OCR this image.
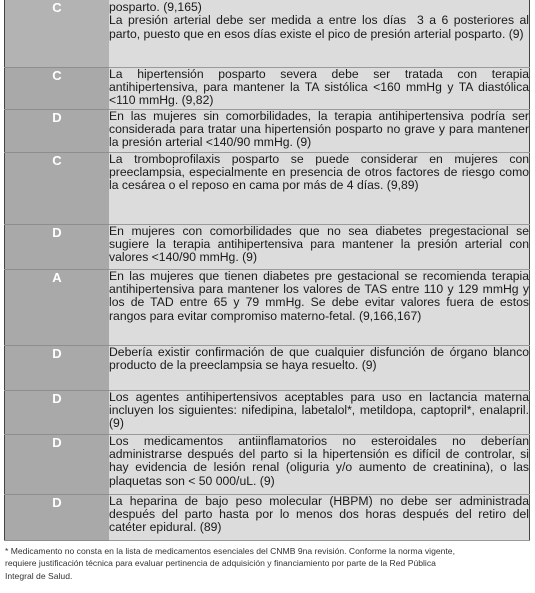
C	posparto. (9,165)
La presión arterial debe ser medida a entre los días  3 a 6 posteriores al parto, puesto que en esos días existe el pico de presión arterial posparto. (9)

C	La hipertensión posparto severa debe ser tratada con terapia antihipertensiva, para mantener la TA sistólica <160 mmHg y TA diastólica <110 mmHg. (9,82)
D	En las mujeres sin comorbilidades, la terapia antihipertensiva podría ser considerada para tratar una hipertensión posparto no grave y para mantener la presión arterial <140/90 mmHg. (9)
C	La tromboprofilaxis posparto se puede considerar en mujeres con preeclampsia, especialmente en presencia de otros factores de riesgo como la cesárea o el reposo en cama por más de 4 días. (9,89)
D	En mujeres con comorbilidades que no sea diabetes pregestacional se sugiere la terapia antihipertensiva para mantener la presión arterial con valores <140/90 mmHg. (9)
A	En las mujeres que tienen diabetes pre gestacional se recomienda terapia antihipertensiva para mantener los valores de TAS entre 110 y 129 mmHg y los de TAD entre 65 y 79 mmHg. Se debe evitar valores fuera de estos rangos para evitar compromiso materno-fetal. (9,166,167)
D	Debería existir confirmación de que cualquier disfunción de órgano blanco producto de la preeclampsia se haya resuelto. (9)
D	Los agentes antihipertensivos aceptables para uso en lactancia materna incluyen los siguientes: nifedipina, labetalol*, metildopa, captopril*, enalapril. (9)
D	Los medicamentos antiinflamatorios no esteroidales no deberían administrarse después del parto si la hipertensión es difícil de controlar, si hay evidencia de lesión renal (oliguria y/o aumento de creatinina), o las plaquetas son < 50 000/uL. (9)
D	La heparina de bajo peso molecular (HBPM) no debe ser administrada después del parto hasta por lo menos dos horas después del retiro del catéter epidural. (89)
* Medicamento no consta en la lista de medicamentos esenciales del CNMB 9na revisión. Conforme la norma vigente,
requiere justificación técnica para evaluar pertinencia de adquisición y financiamiento por parte de la Red Pública
Integral de Salud.
